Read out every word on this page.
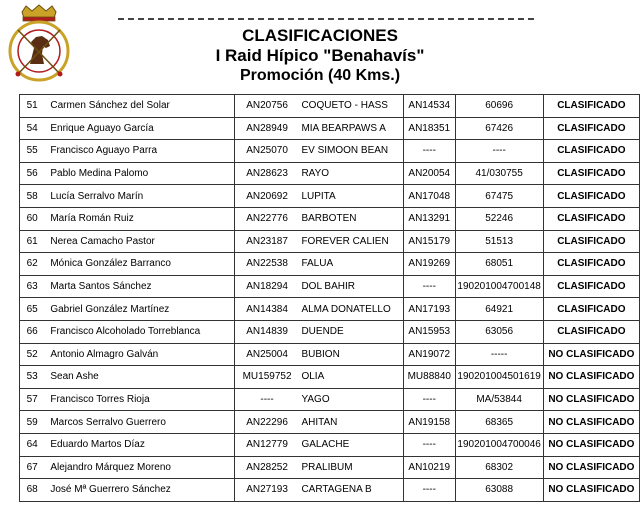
CLASIFICACIONES
I Raid Hípico "Benahavís"
Promoción (40 Kms.)
51	Carmen Sánchez del Solar	AN20756	COQUETO - HASS	AN14534	60696	CLASIFICADO
54	Enrique Aguayo García	AN28949	MIA BEARPAWS A	AN18351	67426	CLASIFICADO
55	Francisco Aguayo Parra	AN25070	EV SIMOON BEAN	----	----	CLASIFICADO
56	Pablo Medina Palomo	AN28623	RAYO	AN20054	41/030755	CLASIFICADO
58	Lucía Serralvo Marín	AN20692	LUPITA	AN17048	67475	CLASIFICADO
60	María Román Ruiz	AN22776	BARBOTEN	AN13291	52246	CLASIFICADO
61	Nerea Camacho Pastor	AN23187	FOREVER CALIEN	AN15179	51513	CLASIFICADO
62	Mónica González Barranco	AN22538	FALUA	AN19269	68051	CLASIFICADO
63	Marta Santos Sánchez	AN18294	DOL BAHIR	----	190201004700148	CLASIFICADO
65	Gabriel González Martínez	AN14384	ALMA DONATELLO	AN17193	64921	CLASIFICADO
66	Francisco Alcoholado Torreblanca	AN14839	DUENDE	AN15953	63056	CLASIFICADO
52	Antonio Almagro Galván	AN25004	BUBION	AN19072	-----	NO CLASIFICADO
53	Sean Ashe	MU159752	OLIA	MU88840	190201004501619	NO CLASIFICADO
57	Francisco Torres Rioja	----	YAGO	----	MA/53844	NO CLASIFICADO
59	Marcos Serralvo Guerrero	AN22296	AHITAN	AN19158	68365	NO CLASIFICADO
64	Eduardo Martos Díaz	AN12779	GALACHE	----	190201004700046	NO CLASIFICADO
67	Alejandro Márquez Moreno	AN28252	PRALIBUM	AN10219	68302	NO CLASIFICADO
68	José Mª Guerrero Sánchez	AN27193	CARTAGENA B	----	63088	NO CLASIFICADO
